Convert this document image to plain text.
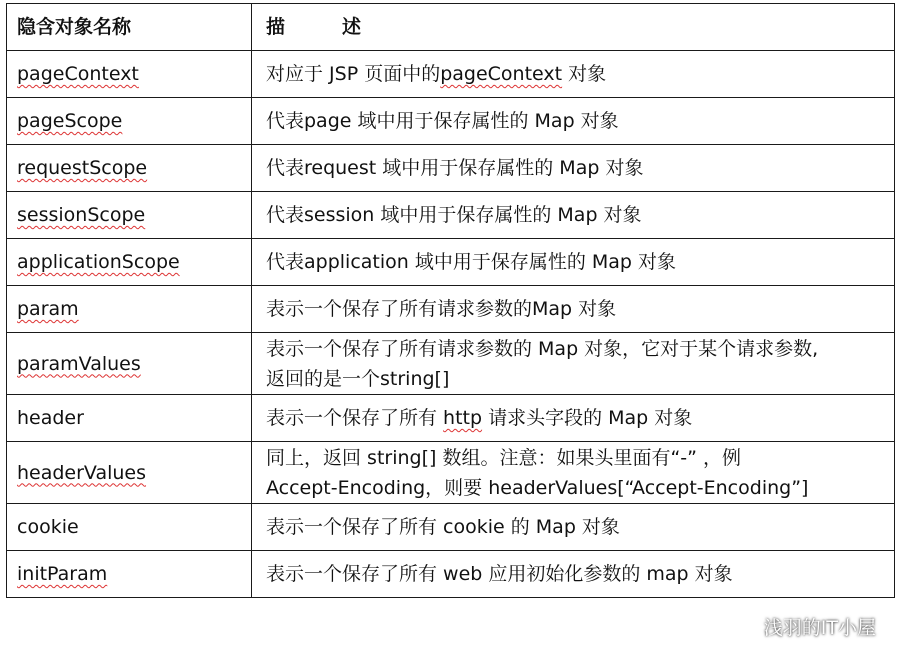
隐含对象名称	描　　　述
pageContext	对应于 JSP 页面中的pageContext 对象
pageScope	代表page 域中用于保存属性的 Map 对象
requestScope	代表request 域中用于保存属性的 Map 对象
sessionScope	代表session 域中用于保存属性的 Map 对象
applicationScope	代表application 域中用于保存属性的 Map 对象
param	表示一个保存了所有请求参数的Map 对象
paramValues	表示一个保存了所有请求参数的 Map 对象，它对于某个请求参数,
返回的是一个string[]

header	表示一个保存了所有 http 请求头字段的 Map 对象
headerValues	同上，返回 string[] 数组。注意：如果头里面有“-” ，例
Accept-Encoding，则要 headerValues[“Accept-Encoding”]

cookie	表示一个保存了所有 cookie 的 Map 对象
initParam	表示一个保存了所有 web 应用初始化参数的 map 对象
浅羽的IT小屋
